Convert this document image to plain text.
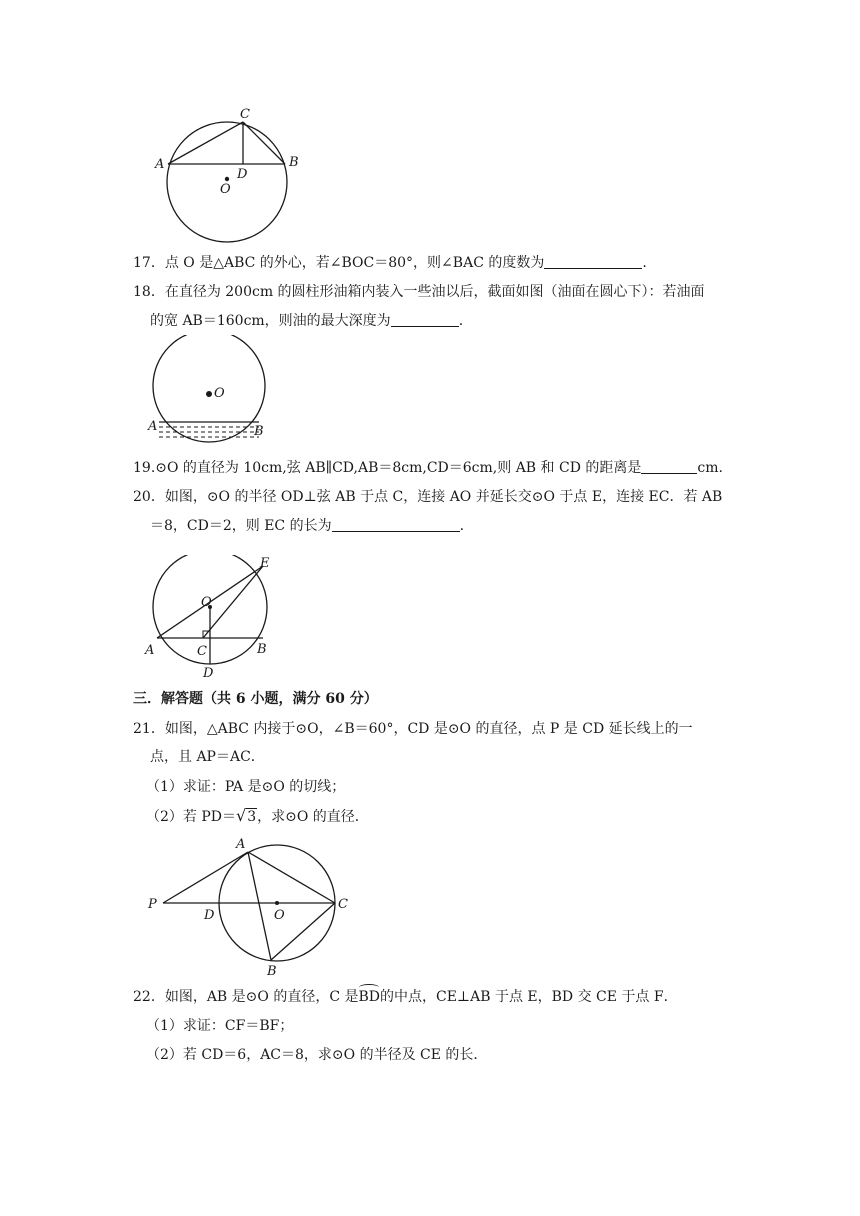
A	B
C
D
O
17．点 O 是△ABC 的外心，若∠BOC＝80°，则∠BAC 的度数为	.
18．在直径为 200cm 的圆柱形油箱内装入一些油以后，截面如图（油面在圆心下）：若油面
的宽 AB＝160cm，则油的最大深度为	.
O
A	B
19.⊙O 的直径为 10cm,弦 AB∥CD,AB＝8cm,CD＝6cm,则 AB 和 CD 的距离是	cm.
20．如图，⊙O 的半径 OD⊥弦 AB 于点 C，连接 AO 并延长交⊙O 于点 E，连接 EC．若 AB
＝8，CD＝2，则 EC 的长为	.
O
A	C	B
E
D
三．解答题（共 6 小题，满分 60 分）
21．如图，△ABC 内接于⊙O，∠B＝60°，CD 是⊙O 的直径，点 P 是 CD 延长线上的一
点，且 AP＝AC．
（1）求证：PA 是⊙O 的切线；
（2）若 PD＝√3，求⊙O 的直径．
P
D	O
C
A
B
22．如图，AB 是⊙O 的直径，C 是
BD的中点，CE⊥AB 于点 E，BD 交 CE 于点 F．
（1）求证：CF＝BF；
（2）若 CD＝6，AC＝8，求⊙O 的半径及 CE 的长．
